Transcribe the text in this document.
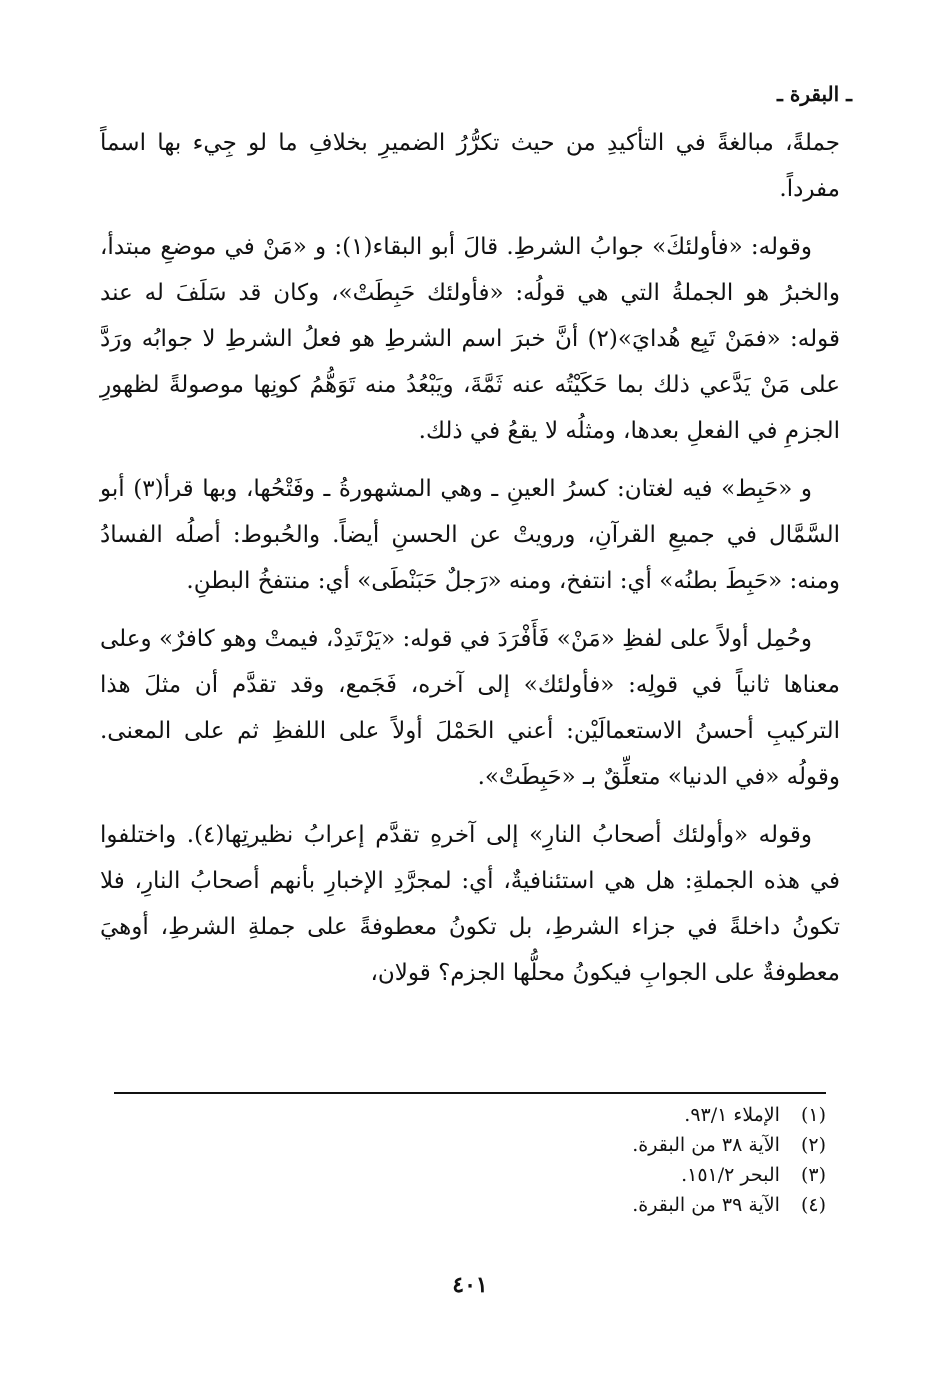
ـ البقرة ـ

جملةً، مبالغةً في التأكيدِ من حيث تكرُّرُ الضميرِ بخلافِ ما لو جِيء بها اسماً مفرداً.

وقوله: «فأولئكَ» جوابُ الشرطِ. قالَ أبو البقاء(١): و «مَنْ في موضعِ مبتدأ، والخبرُ هو الجملةُ التي هي قولُه: «فأولئك حَبِطَتْ»، وكان قد سَلَفَ له عند قوله: «فمَنْ تَبِع هُدايَ»(٢) أنَّ خبرَ اسم الشرطِ هو فعلُ الشرطِ لا جوابُه ورَدَّ على مَنْ يَدَّعي ذلك بما حَكَيْتُه عنه ثَمَّةَ، ويَبْعُدُ منه تَوَهُّمُ كونِها موصولةً لظهورِ الجزمِ في الفعلِ بعدها، ومثلُه لا يقعُ في ذلك.

و «حَبِط» فيه لغتان: كسرُ العينِ ـ وهي المشهورةُ ـ وفَتْحُها، وبها قرأ(٣) أبو السَّمَّال في جميعِ القرآنِ، ورويتْ عن الحسنِ أيضاً. والحُبوط: أصلُه الفسادُ ومنه: «حَبِطَ بطنُه» أي: انتفخ، ومنه «رَجلٌ حَبَنْطَى» أي: منتفخُ البطنِ.

وحُمِل أولاً على لفظِ «مَنْ» فَأَفْرَدَ في قوله: «يَرْتَدِدْ، فيمتْ وهو كافرٌ» وعلى معناها ثانياً في قولِه: «فأولئك» إلى آخره، فَجَمع، وقد تقدَّم أن مثلَ هذا التركيبِ أحسنُ الاستعمالَيْن: أعني الحَمْلَ أولاً على اللفظِ ثم على المعنى. وقولُه «في الدنيا» متعلِّقٌ بـ «حَبِطَتْ».

وقوله «وأولئك أصحابُ النارِ» إلى آخرهِ تقدَّم إعرابُ نظيرتِها(٤). واختلفوا في هذه الجملةِ: هل هي استئنافيةٌ، أي: لمجرَّدِ الإخبارِ بأنهم أصحابُ النارِ، فلا تكونُ داخلةً في جزاء الشرطِ، بل تكونُ معطوفةً على جملةِ الشرطِ، أوهيَ معطوفةٌ على الجوابِ فيكونُ محلُّها الجزم؟ قولان،

(١) الإملاء ٩٣/١.
(٢) الآية ٣٨ من البقرة.
(٣) البحر ١٥١/٢.
(٤) الآية ٣٩ من البقرة.
٤٠١
